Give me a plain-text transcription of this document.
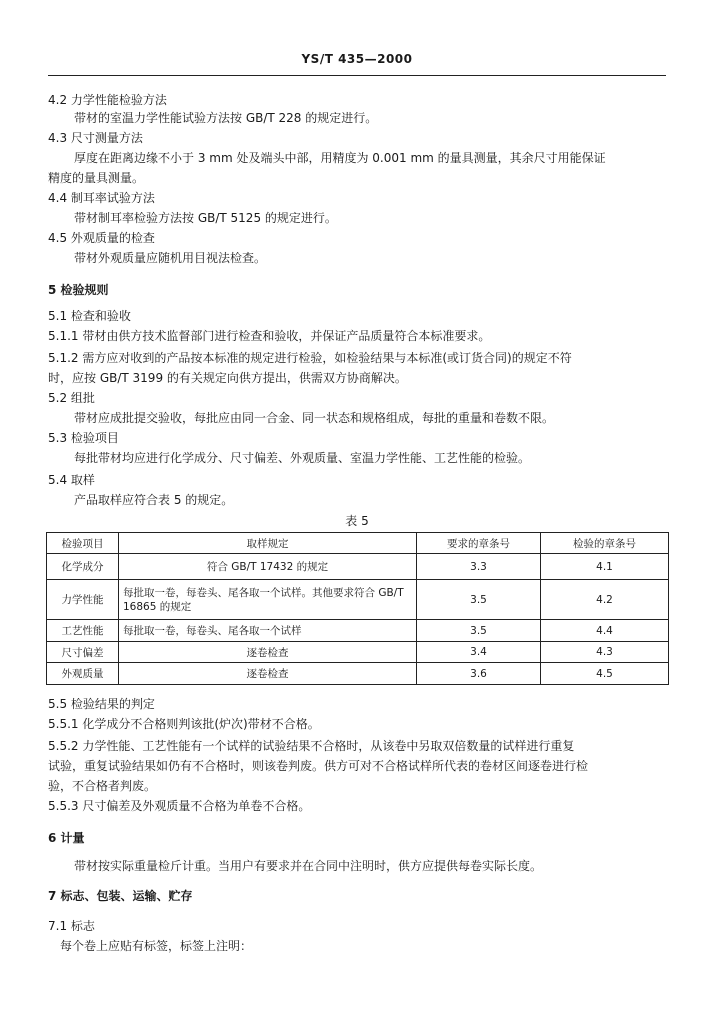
YS/T 435—2000
4.2 力学性能检验方法
带材的室温力学性能试验方法按 GB/T 228 的规定进行。
4.3 尺寸测量方法
厚度在距离边缘不小于 3 mm 处及端头中部，用精度为 0.001 mm 的量具测量，其余尺寸用能保证
精度的量具测量。
4.4 制耳率试验方法
带材制耳率检验方法按 GB/T 5125 的规定进行。
4.5 外观质量的检查
带材外观质量应随机用目视法检查。
5 检验规则
5.1 检查和验收
5.1.1 带材由供方技术监督部门进行检查和验收，并保证产品质量符合本标准要求。
5.1.2 需方应对收到的产品按本标准的规定进行检验，如检验结果与本标准(或订货合同)的规定不符
时，应按 GB/T 3199 的有关规定向供方提出，供需双方协商解决。
5.2 组批
带材应成批提交验收，每批应由同一合金、同一状态和规格组成，每批的重量和卷数不限。
5.3 检验项目
每批带材均应进行化学成分、尺寸偏差、外观质量、室温力学性能、工艺性能的检验。
5.4 取样
产品取样应符合表 5 的规定。
表 5
检验项目	取样规定	要求的章条号	检验的章条号
化学成分	符合 GB/T 17432 的规定	3.3	4.1
力学性能	每批取一卷，每卷头、尾各取一个试样。其他要求符合 GB/T 16865 的规定	3.5	4.2
工艺性能	每批取一卷，每卷头、尾各取一个试样	3.5	4.4
尺寸偏差	逐卷检查	3.4	4.3
外观质量	逐卷检查	3.6	4.5
5.5 检验结果的判定
5.5.1 化学成分不合格则判该批(炉次)带材不合格。
5.5.2 力学性能、工艺性能有一个试样的试验结果不合格时，从该卷中另取双倍数量的试样进行重复
试验，重复试验结果如仍有不合格时，则该卷判废。供方可对不合格试样所代表的卷材区间逐卷进行检
验，不合格者判废。
5.5.3 尺寸偏差及外观质量不合格为单卷不合格。
6 计量
带材按实际重量检斤计重。当用户有要求并在合同中注明时，供方应提供每卷实际长度。
7 标志、包装、运输、贮存
7.1 标志
每个卷上应贴有标签，标签上注明：
